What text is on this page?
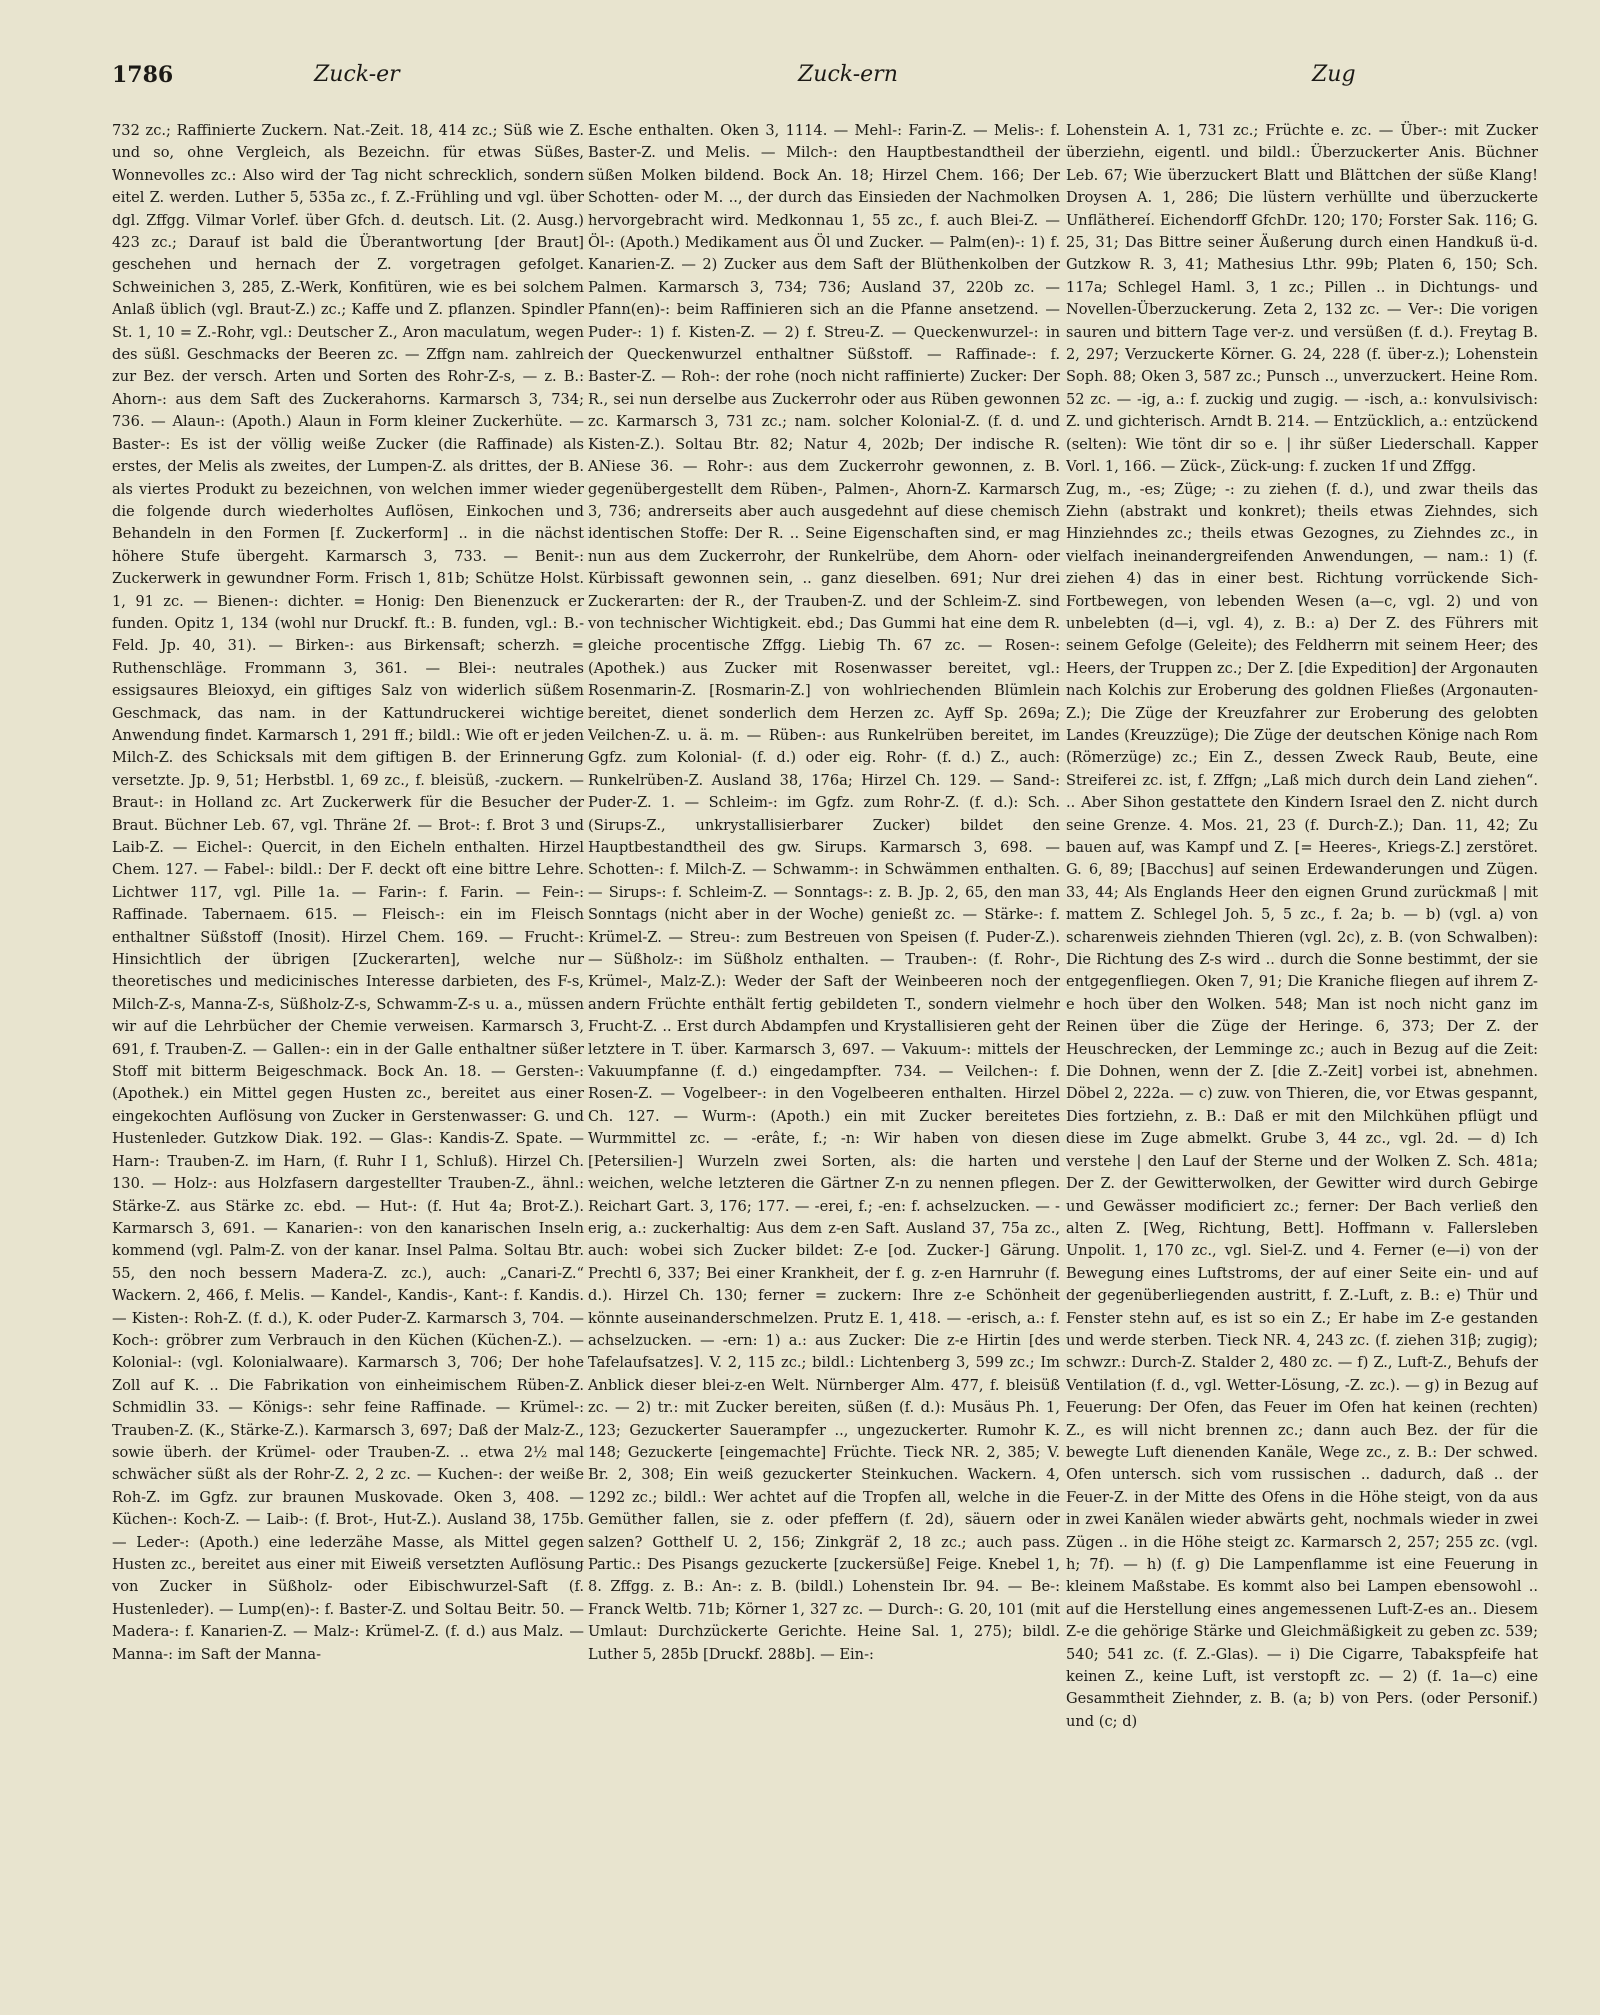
1786	Zuck-er	Zuck-ern	Zug

732 zc.; Raffinierte Zuckern. Nat.-Zeit. 18, 414 zc.; Süß wie Z. und so, ohne Vergleich, als Bezeichn. für etwas Süßes, Wonnevolles zc.: Also wird der Tag nicht schrecklich, sondern eitel Z. werden. Luther 5, 535a zc., f. Z.-Frühling und vgl. über dgl. Zffgg. Vilmar Vorlef. über Gfch. d. deutsch. Lit. (2. Ausg.) 423 zc.; Darauf ist bald die Überantwortung [der Braut] geschehen und hernach der Z. vorgetragen gefolget. Schweinichen 3, 285, Z.-Werk, Konfitüren, wie es bei solchem Anlaß üblich (vgl. Braut-Z.) zc.; Kaffe und Z. pflanzen. Spindler St. 1, 10 = Z.-Rohr, vgl.: Deutscher Z., Aron maculatum, wegen des süßl. Geschmacks der Beeren zc. — Zffgn nam. zahlreich zur Bez. der versch. Arten und Sorten des Rohr-Z-s, — z. B.: Ahorn-: aus dem Saft des Zuckerahorns. Karmarsch 3, 734; 736. — Alaun-: (Apoth.) Alaun in Form kleiner Zuckerhüte. — Baster-: Es ist der völlig weiße Zucker (die Raffinade) als erstes, der Melis als zweites, der Lumpen-Z. als drittes, der B. als viertes Produkt zu bezeichnen, von welchen immer wieder die folgende durch wiederholtes Auflösen, Einkochen und Behandeln in den Formen [f. Zuckerform] .. in die nächst höhere Stufe übergeht. Karmarsch 3, 733. — Benit-: Zuckerwerk in gewundner Form. Frisch 1, 81b; Schütze Holst. 1, 91 zc. — Bienen-: dichter. = Honig: Den Bienenzuck er funden. Opitz 1, 134 (wohl nur Druckf. ft.: B. funden, vgl.: B.-Feld. Jp. 40, 31). — Birken-: aus Birkensaft; scherzh. = Ruthenschläge. Frommann 3, 361. — Blei-: neutrales essigsaures Bleioxyd, ein giftiges Salz von widerlich süßem Geschmack, das nam. in der Kattundruckerei wichtige Anwendung findet. Karmarsch 1, 291 ff.; bildl.: Wie oft er jeden Milch-Z. des Schicksals mit dem giftigen B. der Erinnerung versetzte. Jp. 9, 51; Herbstbl. 1, 69 zc., f. bleisüß, -zuckern. — Braut-: in Holland zc. Art Zuckerwerk für die Besucher der Braut. Büchner Leb. 67, vgl. Thräne 2f. — Brot-: f. Brot 3 und Laib-Z. — Eichel-: Quercit, in den Eicheln enthalten. Hirzel Chem. 127. — Fabel-: bildl.: Der F. deckt oft eine bittre Lehre. Lichtwer 117, vgl. Pille 1a. — Farin-: f. Farin. — Fein-: Raffinade. Tabernaem. 615. — Fleisch-: ein im Fleisch enthaltner Süßstoff (Inosit). Hirzel Chem. 169. — Frucht-: Hinsichtlich der übrigen [Zuckerarten], welche nur theoretisches und medicinisches Interesse darbieten, des F-s, Milch-Z-s, Manna-Z-s, Süßholz-Z-s, Schwamm-Z-s u. a., müssen wir auf die Lehrbücher der Chemie verweisen. Karmarsch 3, 691, f. Trauben-Z. — Gallen-: ein in der Galle enthaltner süßer Stoff mit bitterm Beigeschmack. Bock An. 18. — Gersten-: (Apothek.) ein Mittel gegen Husten zc., bereitet aus einer eingekochten Auflösung von Zucker in Gerstenwasser: G. und Hustenleder. Gutzkow Diak. 192. — Glas-: Kandis-Z. Spate. — Harn-: Trauben-Z. im Harn, (f. Ruhr I 1, Schluß). Hirzel Ch. 130. — Holz-: aus Holzfasern dargestellter Trauben-Z., ähnl.: Stärke-Z. aus Stärke zc. ebd. — Hut-: (f. Hut 4a; Brot-Z.). Karmarsch 3, 691. — Kanarien-: von den kanarischen Inseln kommend (vgl. Palm-Z. von der kanar. Insel Palma. Soltau Btr. 55, den noch bessern Madera-Z. zc.), auch: „Canari-Z.“ Wackern. 2, 466, f. Melis. — Kandel-, Kandis-, Kant-: f. Kandis. — Kisten-: Roh-Z. (f. d.), K. oder Puder-Z. Karmarsch 3, 704. — Koch-: gröbrer zum Verbrauch in den Küchen (Küchen-Z.). — Kolonial-: (vgl. Kolonialwaare). Karmarsch 3, 706; Der hohe Zoll auf K. .. Die Fabrikation von einheimischem Rüben-Z. Schmidlin 33. — Königs-: sehr feine Raffinade. — Krümel-: Trauben-Z. (K., Stärke-Z.). Karmarsch 3, 697; Daß der Malz-Z., sowie überh. der Krümel- oder Trauben-Z. .. etwa 2½ mal schwächer süßt als der Rohr-Z. 2, 2 zc. — Kuchen-: der weiße Roh-Z. im Ggfz. zur braunen Muskovade. Oken 3, 408. — Küchen-: Koch-Z. — Laib-: (f. Brot-, Hut-Z.). Ausland 38, 175b. — Leder-: (Apoth.) eine lederzähe Masse, als Mittel gegen Husten zc., bereitet aus einer mit Eiweiß versetzten Auflösung von Zucker in Süßholz- oder Eibischwurzel-Saft (f. Hustenleder). — Lump(en)-: f. Baster-Z. und Soltau Beitr. 50. — Madera-: f. Kanarien-Z. — Malz-: Krümel-Z. (f. d.) aus Malz. — Manna-: im Saft der Manna-

Esche enthalten. Oken 3, 1114. — Mehl-: Farin-Z. — Melis-: f. Baster-Z. und Melis. — Milch-: den Hauptbestandtheil der süßen Molken bildend. Bock An. 18; Hirzel Chem. 166; Der Schotten- oder M. .., der durch das Einsieden der Nachmolken hervorgebracht wird. Medkonnau 1, 55 zc., f. auch Blei-Z. — Öl-: (Apoth.) Medikament aus Öl und Zucker. — Palm(en)-: 1) f. Kanarien-Z. — 2) Zucker aus dem Saft der Blüthenkolben der Palmen. Karmarsch 3, 734; 736; Ausland 37, 220b zc. — Pfann(en)-: beim Raffinieren sich an die Pfanne ansetzend. — Puder-: 1) f. Kisten-Z. — 2) f. Streu-Z. — Queckenwurzel-: in der Queckenwurzel enthaltner Süßstoff. — Raffinade-: f. Baster-Z. — Roh-: der rohe (noch nicht raffinierte) Zucker: Der R., sei nun derselbe aus Zuckerrohr oder aus Rüben gewonnen zc. Karmarsch 3, 731 zc.; nam. solcher Kolonial-Z. (f. d. und Kisten-Z.). Soltau Btr. 82; Natur 4, 202b; Der indische R. ANiese 36. — Rohr-: aus dem Zuckerrohr gewonnen, z. B. gegenübergestellt dem Rüben-, Palmen-, Ahorn-Z. Karmarsch 3, 736; andrerseits aber auch ausgedehnt auf diese chemisch identischen Stoffe: Der R. .. Seine Eigenschaften sind, er mag nun aus dem Zuckerrohr, der Runkelrübe, dem Ahorn- oder Kürbissaft gewonnen sein, .. ganz dieselben. 691; Nur drei Zuckerarten: der R., der Trauben-Z. und der Schleim-Z. sind von technischer Wichtigkeit. ebd.; Das Gummi hat eine dem R. gleiche procentische Zffgg. Liebig Th. 67 zc. — Rosen-: (Apothek.) aus Zucker mit Rosenwasser bereitet, vgl.: Rosenmarin-Z. [Rosmarin-Z.] von wohlriechenden Blümlein bereitet, dienet sonderlich dem Herzen zc. Ayff Sp. 269a; Veilchen-Z. u. ä. m. — Rüben-: aus Runkelrüben bereitet, im Ggfz. zum Kolonial- (f. d.) oder eig. Rohr- (f. d.) Z., auch: Runkelrüben-Z. Ausland 38, 176a; Hirzel Ch. 129. — Sand-: Puder-Z. 1. — Schleim-: im Ggfz. zum Rohr-Z. (f. d.): Sch. (Sirups-Z., unkrystallisierbarer Zucker) bildet den Hauptbestandtheil des gw. Sirups. Karmarsch 3, 698. — Schotten-: f. Milch-Z. — Schwamm-: in Schwämmen enthalten. — Sirups-: f. Schleim-Z. — Sonntags-: z. B. Jp. 2, 65, den man Sonntags (nicht aber in der Woche) genießt zc. — Stärke-: f. Krümel-Z. — Streu-: zum Bestreuen von Speisen (f. Puder-Z.). — Süßholz-: im Süßholz enthalten. — Trauben-: (f. Rohr-, Krümel-, Malz-Z.): Weder der Saft der Weinbeeren noch der andern Früchte enthält fertig gebildeten T., sondern vielmehr Frucht-Z. .. Erst durch Abdampfen und Krystallisieren geht der letztere in T. über. Karmarsch 3, 697. — Vakuum-: mittels der Vakuumpfanne (f. d.) eingedampfter. 734. — Veilchen-: f. Rosen-Z. — Vogelbeer-: in den Vogelbeeren enthalten. Hirzel Ch. 127. — Wurm-: (Apoth.) ein mit Zucker bereitetes Wurmmittel zc. — -erâte, f.; -n: Wir haben von diesen [Petersilien-] Wurzeln zwei Sorten, als: die harten und weichen, welche letzteren die Gärtner Z-n zu nennen pflegen. Reichart Gart. 3, 176; 177. — -erei, f.; -en: f. achselzucken. — -erig, a.: zuckerhaltig: Aus dem z-en Saft. Ausland 37, 75a zc., auch: wobei sich Zucker bildet: Z-e [od. Zucker-] Gärung. Prechtl 6, 337; Bei einer Krankheit, der f. g. z-en Harnruhr (f. d.). Hirzel Ch. 130; ferner = zuckern: Ihre z-e Schönheit könnte auseinanderschmelzen. Prutz E. 1, 418. — -erisch, a.: f. achselzucken. — -ern: 1) a.: aus Zucker: Die z-e Hirtin [des Tafelaufsatzes]. V. 2, 115 zc.; bildl.: Lichtenberg 3, 599 zc.; Im Anblick dieser blei-z-en Welt. Nürnberger Alm. 477, f. bleisüß zc. — 2) tr.: mit Zucker bereiten, süßen (f. d.): Musäus Ph. 1, 123; Gezuckerter Sauerampfer .., ungezuckerter. Rumohr K. 148; Gezuckerte [eingemachte] Früchte. Tieck NR. 2, 385; V. Br. 2, 308; Ein weiß gezuckerter Steinkuchen. Wackern. 4, 1292 zc.; bildl.: Wer achtet auf die Tropfen all, welche in die Gemüther fallen, sie z. oder pfeffern (f. 2d), säuern oder salzen? Gotthelf U. 2, 156; Zinkgräf 2, 18 zc.; auch pass. Partic.: Des Pisangs gezuckerte [zuckersüße] Feige. Knebel 1, 8. Zffgg. z. B.: An-: z. B. (bildl.) Lohenstein Ibr. 94. — Be-: Franck Weltb. 71b; Körner 1, 327 zc. — Durch-: G. 20, 101 (mit Umlaut: Durchzückerte Gerichte. Heine Sal. 1, 275); bildl. Luther 5, 285b [Druckf. 288b]. — Ein-:

Lohenstein A. 1, 731 zc.; Früchte e. zc. — Über-: mit Zucker überziehn, eigentl. und bildl.: Überzuckerter Anis. Büchner Leb. 67; Wie überzuckert Blatt und Blättchen der süße Klang! Droysen A. 1, 286; Die lüstern verhüllte und überzuckerte Unfläthereí. Eichendorff GfchDr. 120; 170; Forster Sak. 116; G. 25, 31; Das Bittre seiner Äußerung durch einen Handkuß ü-d. Gutzkow R. 3, 41; Mathesius Lthr. 99b; Platen 6, 150; Sch. 117a; Schlegel Haml. 3, 1 zc.; Pillen .. in Dichtungs- und Novellen-Überzuckerung. Zeta 2, 132 zc. — Ver-: Die vorigen sauren und bittern Tage ver-z. und versüßen (f. d.). Freytag B. 2, 297; Verzuckerte Körner. G. 24, 228 (f. über-z.); Lohenstein Soph. 88; Oken 3, 587 zc.; Punsch .., unverzuckert. Heine Rom. 52 zc. — -ig, a.: f. zuckig und zugig. — -isch, a.: konvulsivisch: Z. und gichterisch. Arndt B. 214. — Entzücklich, a.: entzückend (selten): Wie tönt dir so e. | ihr süßer Liederschall. Kapper Vorl. 1, 166. — Zück-, Zück-ung: f. zucken 1f und Zffgg.

Zug, m., -es; Züge; -: zu ziehen (f. d.), und zwar theils das Ziehn (abstrakt und konkret); theils etwas Ziehndes, sich Hinziehndes zc.; theils etwas Gezognes, zu Ziehndes zc., in vielfach ineinandergreifenden Anwendungen, — nam.: 1) (f. ziehen 4) das in einer best. Richtung vorrückende Sich-Fortbewegen, von lebenden Wesen (a—c, vgl. 2) und von unbelebten (d—i, vgl. 4), z. B.: a) Der Z. des Führers mit seinem Gefolge (Geleite); des Feldherrn mit seinem Heer; des Heers, der Truppen zc.; Der Z. [die Expedition] der Argonauten nach Kolchis zur Eroberung des goldnen Fließes (Argonauten-Z.); Die Züge der Kreuzfahrer zur Eroberung des gelobten Landes (Kreuzzüge); Die Züge der deutschen Könige nach Rom (Römerzüge) zc.; Ein Z., dessen Zweck Raub, Beute, eine Streiferei zc. ist, f. Zffgn; „Laß mich durch dein Land ziehen“. .. Aber Sihon gestattete den Kindern Israel den Z. nicht durch seine Grenze. 4. Mos. 21, 23 (f. Durch-Z.); Dan. 11, 42; Zu bauen auf, was Kampf und Z. [= Heeres-, Kriegs-Z.] zerstöret. G. 6, 89; [Bacchus] auf seinen Erdewanderungen und Zügen. 33, 44; Als Englands Heer den eignen Grund zurückmaß | mit mattem Z. Schlegel Joh. 5, 5 zc., f. 2a; b. — b) (vgl. a) von scharenweis ziehnden Thieren (vgl. 2c), z. B. (von Schwalben): Die Richtung des Z-s wird .. durch die Sonne bestimmt, der sie entgegenfliegen. Oken 7, 91; Die Kraniche fliegen auf ihrem Z-e hoch über den Wolken. 548; Man ist noch nicht ganz im Reinen über die Züge der Heringe. 6, 373; Der Z. der Heuschrecken, der Lemminge zc.; auch in Bezug auf die Zeit: Die Dohnen, wenn der Z. [die Z.-Zeit] vorbei ist, abnehmen. Döbel 2, 222a. — c) zuw. von Thieren, die, vor Etwas gespannt, Dies fortziehn, z. B.: Daß er mit den Milchkühen pflügt und diese im Zuge abmelkt. Grube 3, 44 zc., vgl. 2d. — d) Ich verstehe | den Lauf der Sterne und der Wolken Z. Sch. 481a; Der Z. der Gewitterwolken, der Gewitter wird durch Gebirge und Gewässer modificiert zc.; ferner: Der Bach verließ den alten Z. [Weg, Richtung, Bett]. Hoffmann v. Fallersleben Unpolit. 1, 170 zc., vgl. Siel-Z. und 4. Ferner (e—i) von der Bewegung eines Luftstroms, der auf einer Seite ein- und auf der gegenüberliegenden austritt, f. Z.-Luft, z. B.: e) Thür und Fenster stehn auf, es ist so ein Z.; Er habe im Z-e gestanden und werde sterben. Tieck NR. 4, 243 zc. (f. ziehen 31β; zugig); schwzr.: Durch-Z. Stalder 2, 480 zc. — f) Z., Luft-Z., Behufs der Ventilation (f. d., vgl. Wetter-Lösung, -Z. zc.). — g) in Bezug auf Feuerung: Der Ofen, das Feuer im Ofen hat keinen (rechten) Z., es will nicht brennen zc.; dann auch Bez. der für die bewegte Luft dienenden Kanäle, Wege zc., z. B.: Der schwed. Ofen untersch. sich vom russischen .. dadurch, daß .. der Feuer-Z. in der Mitte des Ofens in die Höhe steigt, von da aus in zwei Kanälen wieder abwärts geht, nochmals wieder in zwei Zügen .. in die Höhe steigt zc. Karmarsch 2, 257; 255 zc. (vgl. h; 7f). — h) (f. g) Die Lampenflamme ist eine Feuerung in kleinem Maßstabe. Es kommt also bei Lampen ebensowohl .. auf die Herstellung eines angemessenen Luft-Z-es an.. Diesem Z-e die gehörige Stärke und Gleichmäßigkeit zu geben zc. 539; 540; 541 zc. (f. Z.-Glas). — i) Die Cigarre, Tabakspfeife hat keinen Z., keine Luft, ist verstopft zc. — 2) (f. 1a—c) eine Gesammtheit Ziehnder, z. B. (a; b) von Pers. (oder Personif.) und (c; d)
